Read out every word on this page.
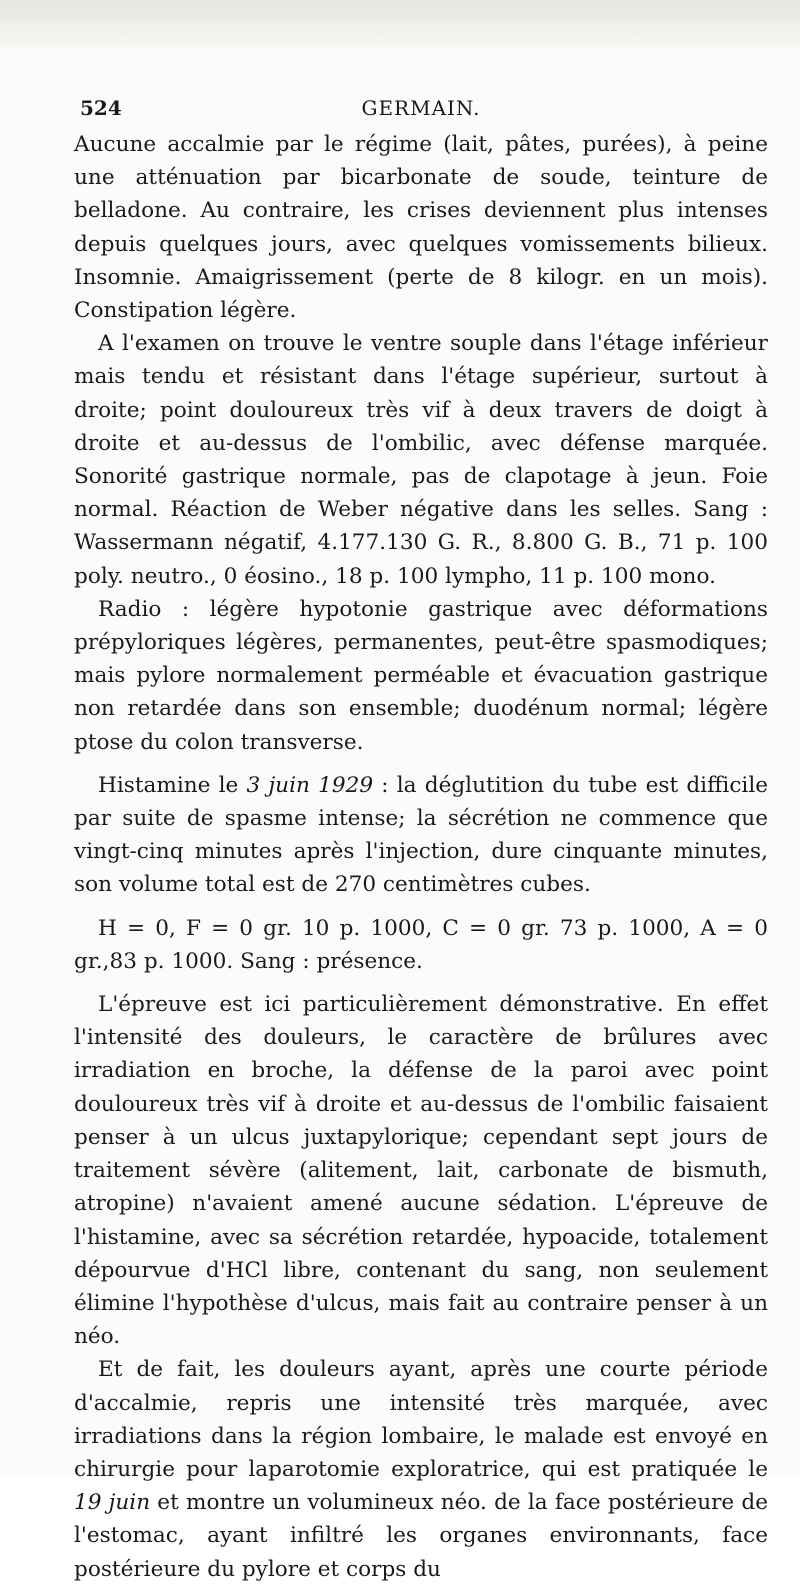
524	GERMAIN.

Aucune accalmie par le régime (lait, pâtes, purées), à peine une atténuation par bicarbonate de soude, teinture de belladone. Au contraire, les crises deviennent plus intenses depuis quelques jours, avec quelques vomissements bilieux. Insomnie. Amaigrissement (perte de 8 kilogr. en un mois). Constipation légère.

A l'examen on trouve le ventre souple dans l'étage inférieur mais tendu et résistant dans l'étage supérieur, surtout à droite; point douloureux très vif à deux travers de doigt à droite et au-dessus de l'ombilic, avec défense marquée. Sonorité gastrique normale, pas de clapotage à jeun. Foie normal. Réaction de Weber négative dans les selles. Sang : Wassermann négatif, 4.177.130 G. R., 8.800 G. B., 71 p. 100 poly. neutro., 0 éosino., 18 p. 100 lympho, 11 p. 100 mono.

Radio : légère hypotonie gastrique avec déformations prépyloriques légères, permanentes, peut-être spasmodiques; mais pylore normalement perméable et évacuation gastrique non retardée dans son ensemble; duodénum normal; légère ptose du colon transverse.

Histamine le 3 juin 1929 : la déglutition du tube est difficile par suite de spasme intense; la sécrétion ne commence que vingt-cinq minutes après l'injection, dure cinquante minutes, son volume total est de 270 centimètres cubes.

H = 0, F = 0 gr. 10 p. 1000, C = 0 gr. 73 p. 1000, A = 0 gr.,83 p. 1000. Sang : présence.

L'épreuve est ici particulièrement démonstrative. En effet l'intensité des douleurs, le caractère de brûlures avec irradiation en broche, la défense de la paroi avec point douloureux très vif à droite et au-dessus de l'ombilic faisaient penser à un ulcus juxtapylorique; cependant sept jours de traitement sévère (alitement, lait, carbonate de bismuth, atropine) n'avaient amené aucune sédation. L'épreuve de l'histamine, avec sa sécrétion retardée, hypoacide, totalement dépourvue d'HCl libre, contenant du sang, non seulement élimine l'hypothèse d'ulcus, mais fait au contraire penser à un néo.

Et de fait, les douleurs ayant, après une courte période d'accalmie, repris une intensité très marquée, avec irradiations dans la région lombaire, le malade est envoyé en chirurgie pour laparotomie exploratrice, qui est pratiquée le 19 juin et montre un volumineux néo. de la face postérieure de l'estomac, ayant infiltré les organes environnants, face postérieure du pylore et corps du
